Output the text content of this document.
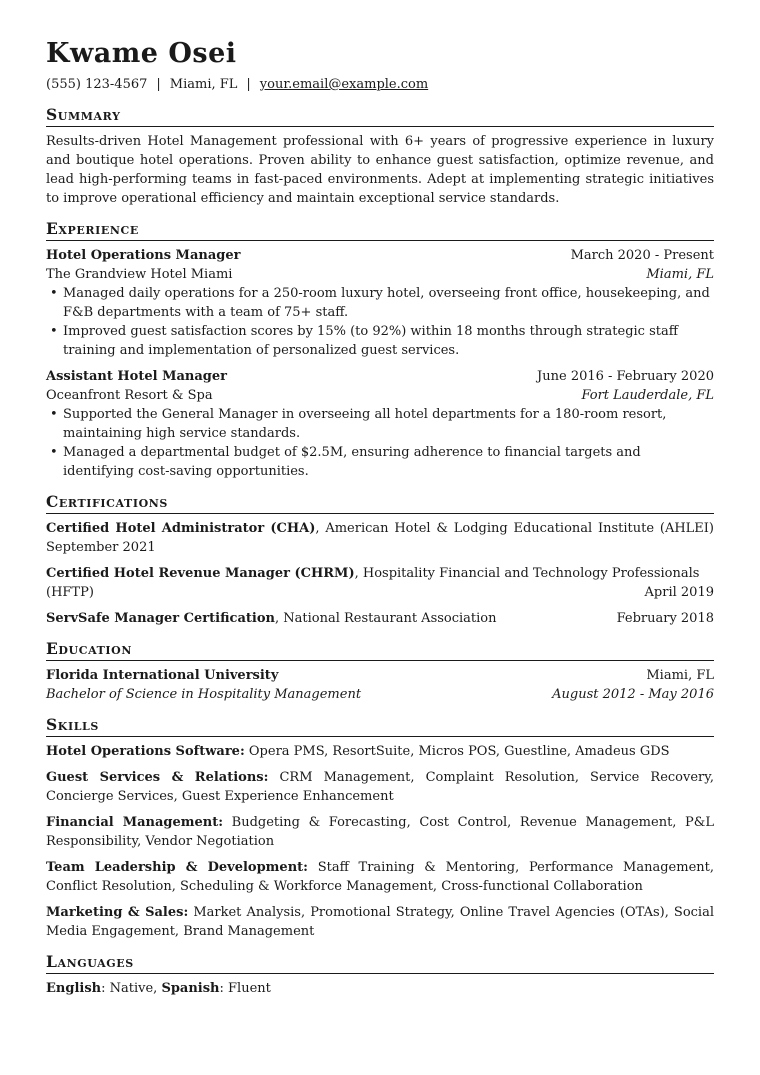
Kwame Osei
(555) 123-4567 | Miami, FL | your.email@example.com
Summary
Results-driven Hotel Management professional with 6+ years of progressive experience in luxury and boutique hotel operations. Proven ability to enhance guest satisfaction, optimize revenue, and lead high-performing teams in fast-paced environments. Adept at implementing strategic initiatives to improve operational efficiency and maintain exceptional service standards.
Experience
Hotel Operations Manager	March 2020 - Present
The Grandview Hotel Miami	Miami, FL
• Managed daily operations for a 250-room luxury hotel, overseeing front office, housekeeping, and F&B departments with a team of 75+ staff.
• Improved guest satisfaction scores by 15% (to 92%) within 18 months through strategic staff training and implementation of personalized guest services.
Assistant Hotel Manager	June 2016 - February 2020
Oceanfront Resort & Spa	Fort Lauderdale, FL
• Supported the General Manager in overseeing all hotel departments for a 180-room resort, maintaining high service standards.
• Managed a departmental budget of $2.5M, ensuring adherence to financial targets and identifying cost-saving opportunities.
Certifications
Certified Hotel Administrator (CHA), American Hotel & Lodging Educational Institute (AHLEI) September 2021
Certified Hotel Revenue Manager (CHRM), Hospitality Financial and Technology Professionals
(HFTP)	April 2019
ServSafe Manager Certification, National Restaurant Association	February 2018
Education
Florida International University	Miami, FL
Bachelor of Science in Hospitality Management	August 2012 - May 2016
Skills
Hotel Operations Software: Opera PMS, ResortSuite, Micros POS, Guestline, Amadeus GDS
Guest Services & Relations: CRM Management, Complaint Resolution, Service Recovery, Concierge Services, Guest Experience Enhancement
Financial Management: Budgeting & Forecasting, Cost Control, Revenue Management, P&L Responsibility, Vendor Negotiation
Team Leadership & Development: Staff Training & Mentoring, Performance Management, Conflict Resolution, Scheduling & Workforce Management, Cross-functional Collaboration
Marketing & Sales: Market Analysis, Promotional Strategy, Online Travel Agencies (OTAs), Social Media Engagement, Brand Management
Languages
English: Native, Spanish: Fluent
